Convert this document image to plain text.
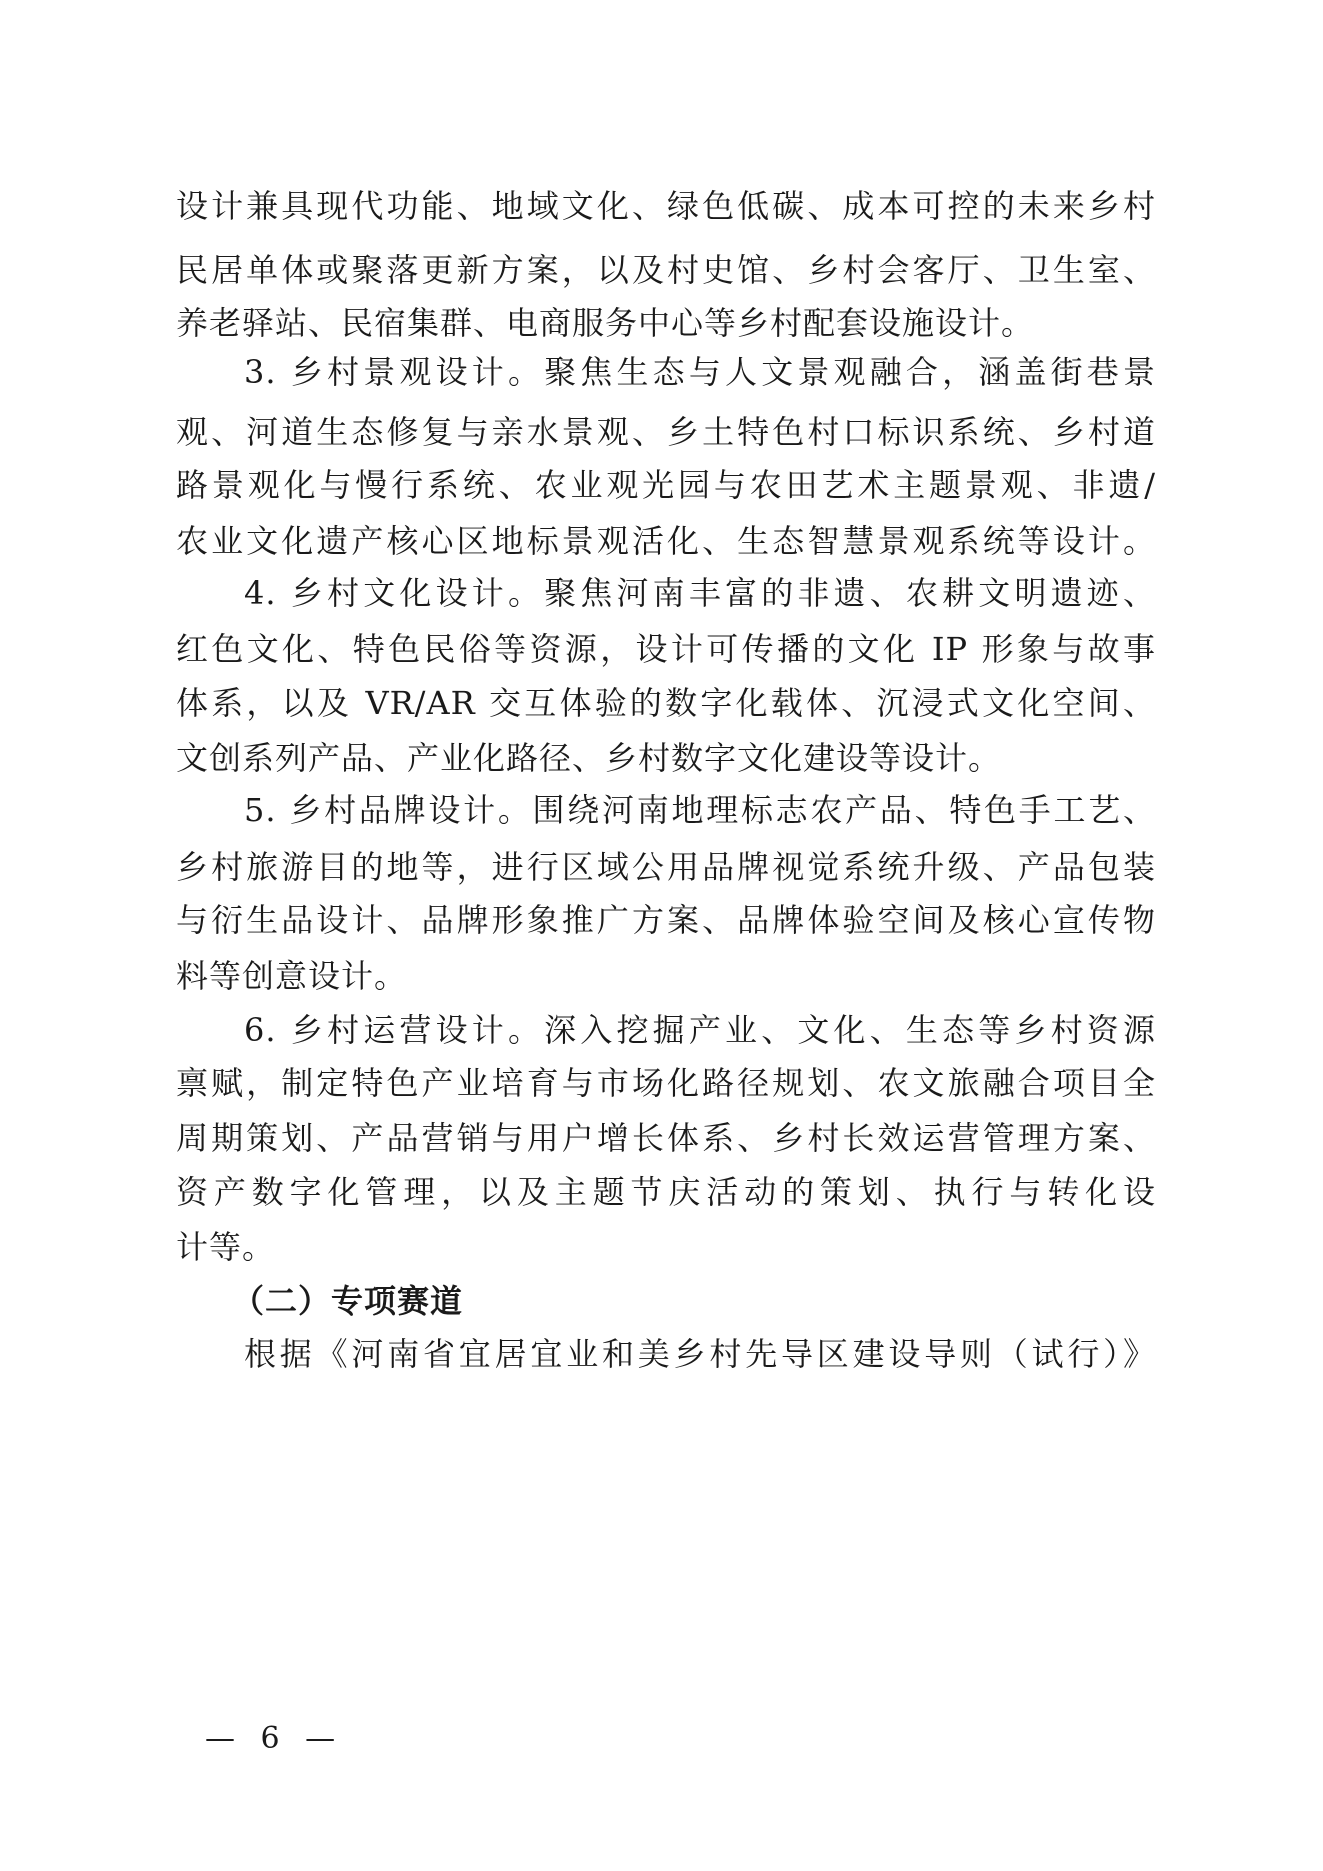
设计兼具现代功能、地域文化、绿色低碳、成本可控的未来乡村
民居单体或聚落更新方案，以及村史馆、乡村会客厅、卫生室、
养老驿站、民宿集群、电商服务中心等乡村配套设施设计。
3. 乡村景观设计。聚焦生态与人文景观融合，涵盖街巷景
观、河道生态修复与亲水景观、乡土特色村口标识系统、乡村道
路景观化与慢行系统、农业观光园与农田艺术主题景观、非遗/
农业文化遗产核心区地标景观活化、生态智慧景观系统等设计。
4. 乡村文化设计。聚焦河南丰富的非遗、农耕文明遗迹、
红色文化、特色民俗等资源，设计可传播的文化 IP 形象与故事
体系，以及 VR/AR 交互体验的数字化载体、沉浸式文化空间、
文创系列产品、产业化路径、乡村数字文化建设等设计。
5. 乡村品牌设计。围绕河南地理标志农产品、特色手工艺、
乡村旅游目的地等，进行区域公用品牌视觉系统升级、产品包装
与衍生品设计、品牌形象推广方案、品牌体验空间及核心宣传物
料等创意设计。
6. 乡村运营设计。深入挖掘产业、文化、生态等乡村资源
禀赋，制定特色产业培育与市场化路径规划、农文旅融合项目全
周期策划、产品营销与用户增长体系、乡村长效运营管理方案、
资产数字化管理，以及主题节庆活动的策划、执行与转化设
计等。
（二）专项赛道
根据《河南省宜居宜业和美乡村先导区建设导则（试行）》
— 6 —
